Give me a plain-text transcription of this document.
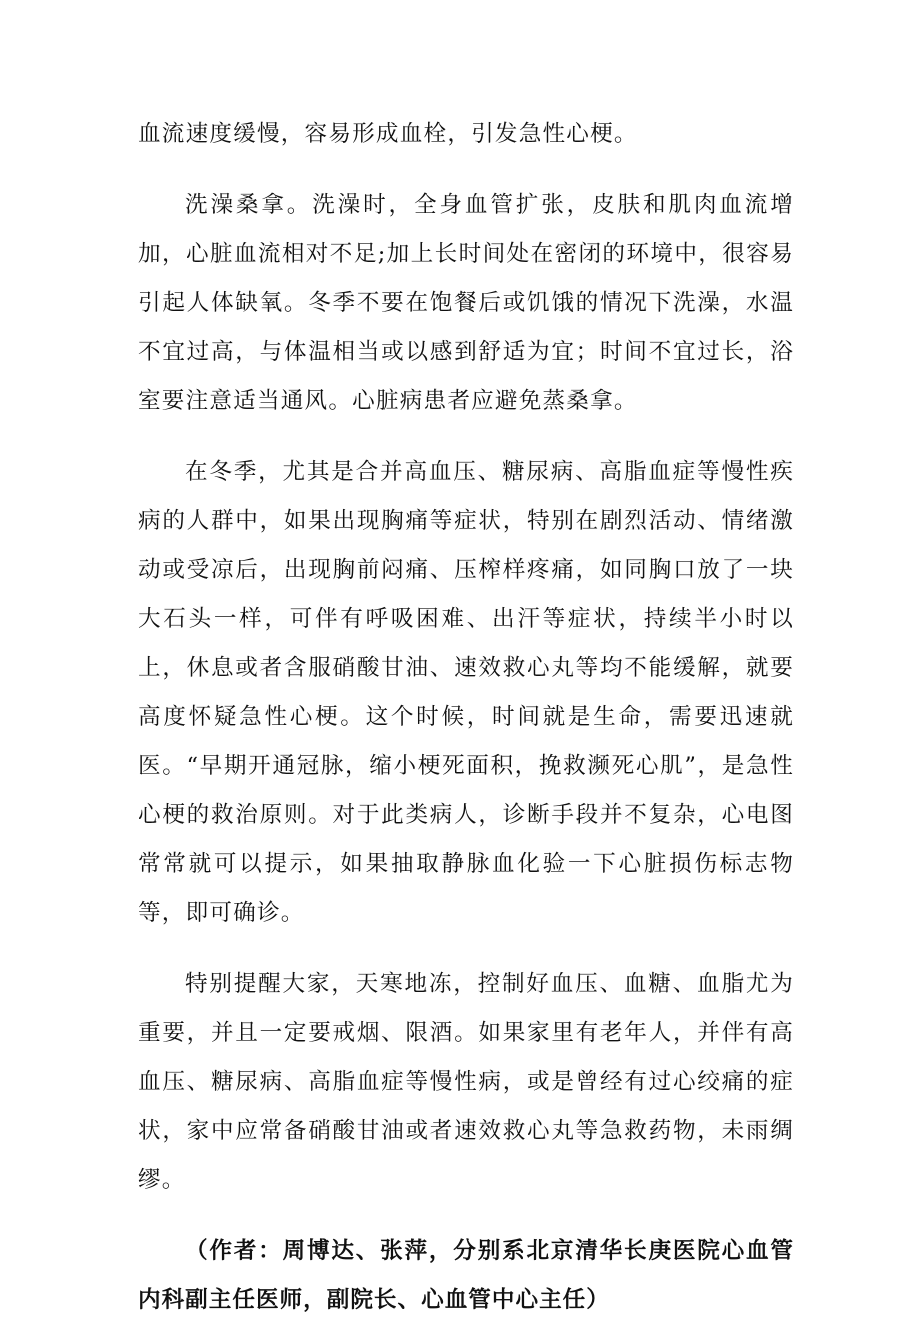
血流速度缓慢，容易形成血栓，引发急性心梗。

洗澡桑拿。洗澡时，全身血管扩张，皮肤和肌肉血流增加，心脏血流相对不足;加上长时间处在密闭的环境中，很容易引起人体缺氧。冬季不要在饱餐后或饥饿的情况下洗澡，水温不宜过高，与体温相当或以感到舒适为宜；时间不宜过长，浴室要注意适当通风。心脏病患者应避免蒸桑拿。

在冬季，尤其是合并高血压、糖尿病、高脂血症等慢性疾病的人群中，如果出现胸痛等症状，特别在剧烈活动、情绪激动或受凉后，出现胸前闷痛、压榨样疼痛，如同胸口放了一块大石头一样，可伴有呼吸困难、出汗等症状，持续半小时以上，休息或者含服硝酸甘油、速效救心丸等均不能缓解，就要高度怀疑急性心梗。这个时候，时间就是生命，需要迅速就医。“早期开通冠脉，缩小梗死面积，挽救濒死心肌”，是急性心梗的救治原则。对于此类病人，诊断手段并不复杂，心电图常常就可以提示，如果抽取静脉血化验一下心脏损伤标志物等，即可确诊。

特别提醒大家，天寒地冻，控制好血压、血糖、血脂尤为重要，并且一定要戒烟、限酒。如果家里有老年人，并伴有高血压、糖尿病、高脂血症等慢性病，或是曾经有过心绞痛的症状，家中应常备硝酸甘油或者速效救心丸等急救药物，未雨绸缪。

（作者：周博达、张萍，分别系北京清华长庚医院心血管内科副主任医师，副院长、心血管中心主任）
